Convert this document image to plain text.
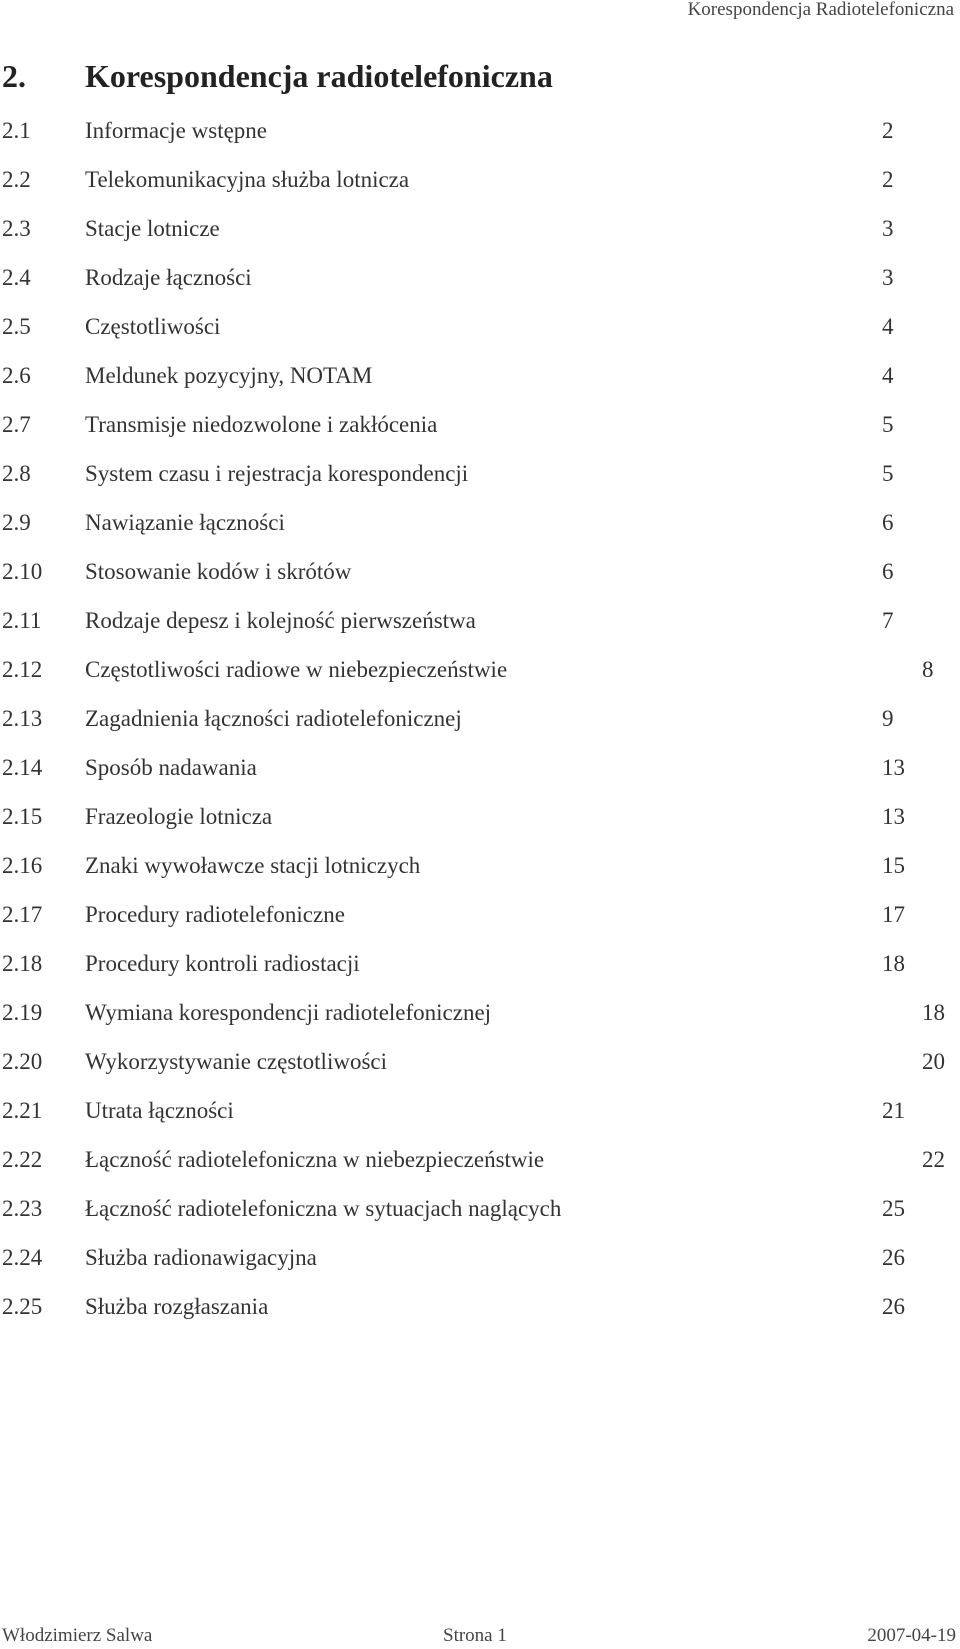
Korespondencja Radiotelefoniczna
2. Korespondencja radiotelefoniczna
2.1 Informacje wstępne	2
2.2 Telekomunikacyjna służba lotnicza	2
2.3 Stacje lotnicze	3
2.4 Rodzaje łączności	3
2.5 Częstotliwości	4
2.6 Meldunek pozycyjny, NOTAM	4
2.7 Transmisje niedozwolone i zakłócenia	5
2.8 System czasu i rejestracja korespondencji	5
2.9 Nawiązanie łączności	6
2.10 Stosowanie kodów i skrótów	6
2.11 Rodzaje depesz i kolejność pierwszeństwa	7
2.12 Częstotliwości radiowe w niebezpieczeństwie	8
2.13 Zagadnienia łączności radiotelefonicznej	9
2.14 Sposób nadawania	13
2.15 Frazeologie lotnicza	13
2.16 Znaki wywoławcze stacji lotniczych	15
2.17 Procedury radiotelefoniczne	17
2.18 Procedury kontroli radiostacji	18
2.19 Wymiana korespondencji radiotelefonicznej	18
2.20 Wykorzystywanie częstotliwości	20
2.21 Utrata łączności	21
2.22 Łączność radiotelefoniczna w niebezpieczeństwie	22
2.23 Łączność radiotelefoniczna w sytuacjach naglących	25
2.24 Służba radionawigacyjna	26
2.25 Służba rozgłaszania	26
Włodzimierz Salwa	Strona 1	2007-04-19
